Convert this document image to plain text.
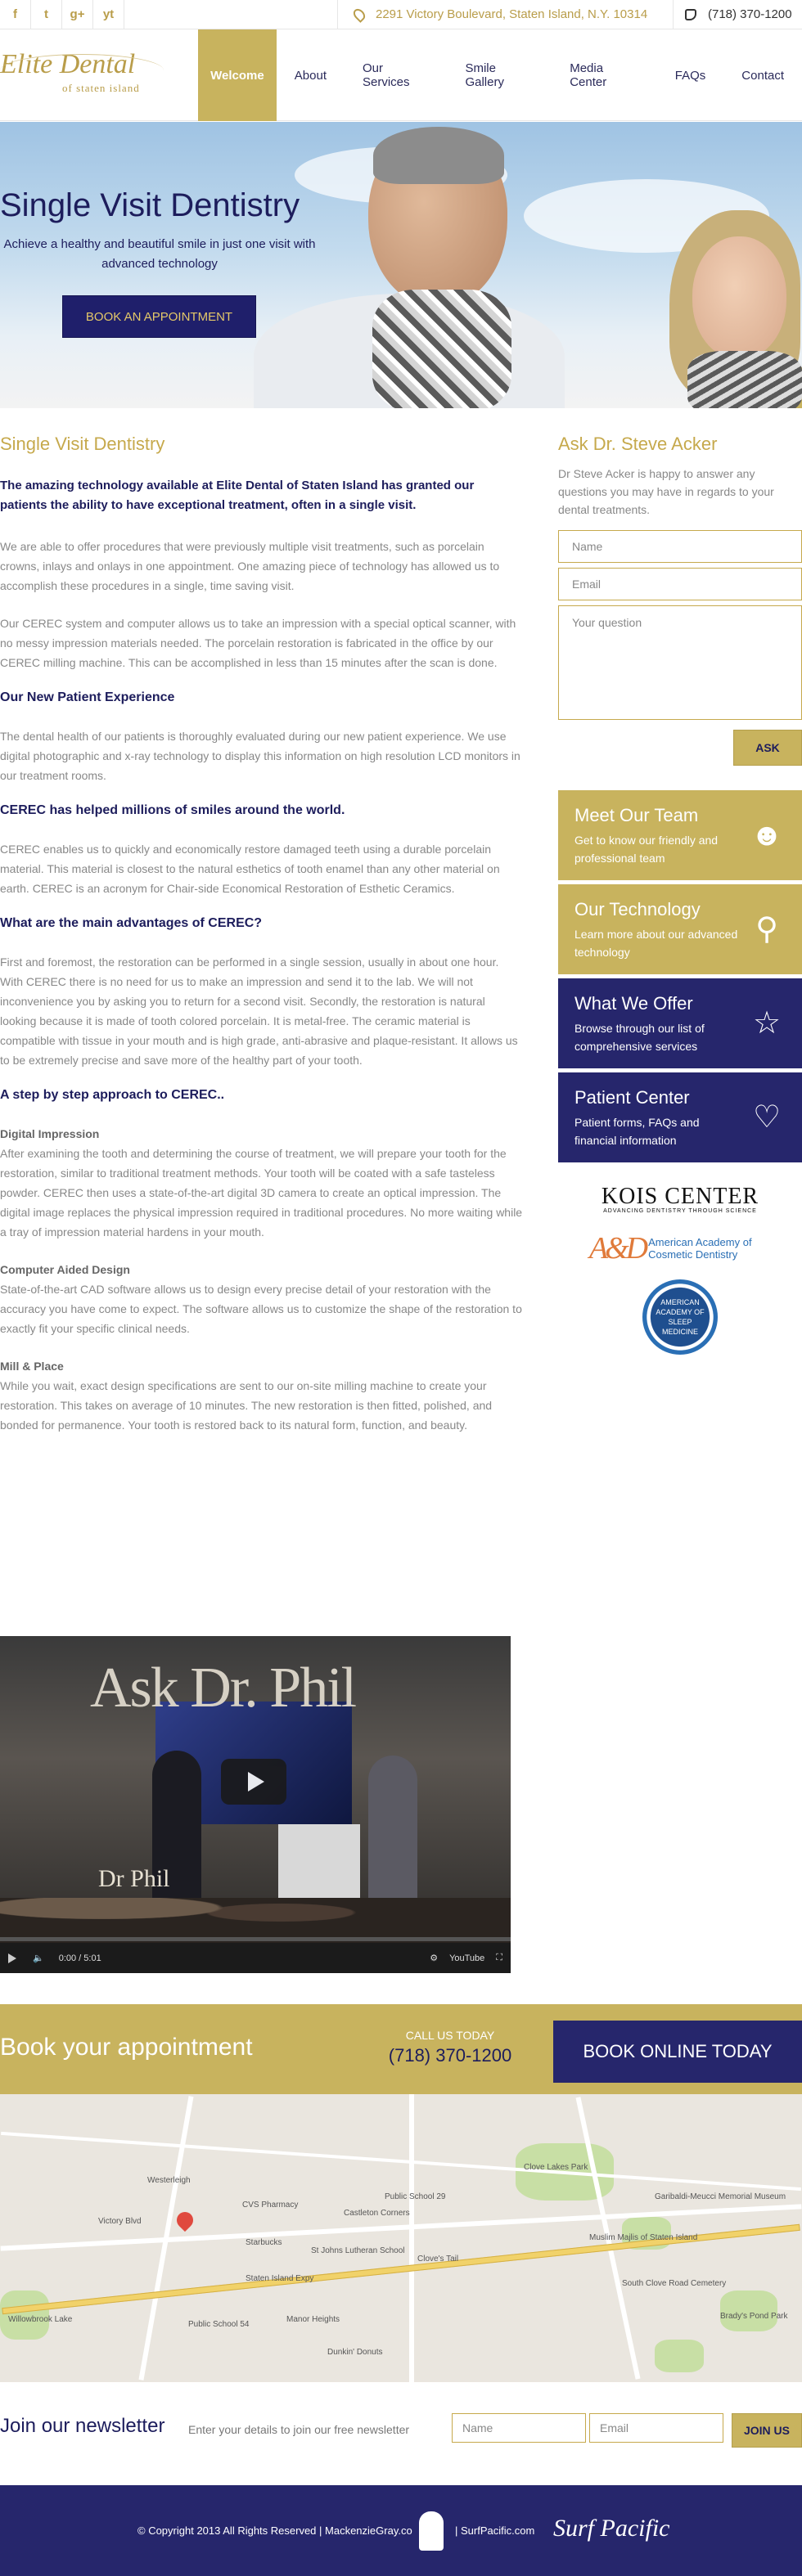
f	t	g+	yt	2291 Victory Boulevard, Staten Island, N.Y. 10314	(718) 370-1200
Elite Dental
of staten island
Welcome	About	Our Services
Smile Gallery
Media Center	FAQs	Contact
Single Visit Dentistry
Achieve a healthy and beautiful smile in just one visit with advanced technology
BOOK AN APPOINTMENT
Single Visit Dentistry

The amazing technology available at Elite Dental of Staten Island has granted our patients the ability to have exceptional treatment, often in a single visit.

We are able to offer procedures that were previously multiple visit treatments, such as porcelain crowns, inlays and onlays in one appointment. One amazing piece of technology has allowed us to accomplish these procedures in a single, time saving visit.

Our CEREC system and computer allows us to take an impression with a special optical scanner, with no messy impression materials needed. The porcelain restoration is fabricated in the office by our CEREC milling machine. This can be accomplished in less than 15 minutes after the scan is done.

Our New Patient Experience

The dental health of our patients is thoroughly evaluated during our new patient experience. We use digital photographic and x-ray technology to display this information on high resolution LCD monitors in our treatment rooms.

CEREC has helped millions of smiles around the world.

CEREC enables us to quickly and economically restore damaged teeth using a durable porcelain material. This material is closest to the natural esthetics of tooth enamel than any other material on earth. CEREC is an acronym for Chair-side Economical Restoration of Esthetic Ceramics.

What are the main advantages of CEREC?

First and foremost, the restoration can be performed in a single session, usually in about one hour. With CEREC there is no need for us to make an impression and send it to the lab. We will not inconvenience you by asking you to return for a second visit. Secondly, the restoration is natural looking because it is made of tooth colored porcelain. It is metal-free. The ceramic material is compatible with tissue in your mouth and is high grade, anti-abrasive and plaque-resistant. It allows us to be extremely precise and save more of the healthy part of your tooth.

A step by step approach to CEREC..
Digital Impression

After examining the tooth and determining the course of treatment, we will prepare your tooth for the restoration, similar to traditional treatment methods. Your tooth will be coated with a safe tasteless powder. CEREC then uses a state-of-the-art digital 3D camera to create an optical impression. The digital image replaces the physical impression required in traditional procedures. No more waiting while a tray of impression material hardens in your mouth.

Computer Aided Design

State-of-the-art CAD software allows us to design every precise detail of your restoration with the accuracy you have come to expect. The software allows us to customize the shape of the restoration to exactly fit your specific clinical needs.

Mill & Place

While you wait, exact design specifications are sent to our on-site milling machine to create your restoration. This takes on average of 10 minutes. The new restoration is then fitted, polished, and bonded for permanence. Your tooth is restored back to its natural form, function, and beauty.

Ask Dr. Steve Acker

Dr Steve Acker is happy to answer any questions you may have in regards to your dental treatments.

Name
Email
Your question
ASK
Meet Our Team
Get to know our friendly and professional team
☻
Our Technology
Learn more about our advanced technology
⚲
What We Offer
Browse through our list of comprehensive services
☆
Patient Center
Patient forms, FAQs and financial information
♡
KOIS CENTER
ADVANCING DENTISTRY THROUGH SCIENCE
A&D American Academy of Cosmetic Dentistry
AMERICAN ACADEMY OF SLEEP MEDICINE
Ask Dr. Phil
Dr Phil
🔈 0:00 / 5:01	⚙ YouTube ⛶
Book your appointment	CALL US TODAY
(718) 370-1200	BOOK ONLINE TODAY
Victory Blvd
Staten Island Expy
Clove Lakes Park
Starbucks
CVS Pharmacy
Public School 29
St Johns Lutheran School
Muslim Majlis of Staten Island
South Clove Road Cemetery
Brady's Pond Park
Garibaldi-Meucci Memorial Museum
Willowbrook Lake
Public School 54
Dunkin' Donuts
Manor Heights
Castleton Corners
Westerleigh
Clove's Tail
Join our newsletter Enter your details to join our free newsletter	Name	Email	JOIN US
© Copyright 2013 All Rights Reserved | MackenzieGray.co	| SurfPacific.com Surf Pacific
